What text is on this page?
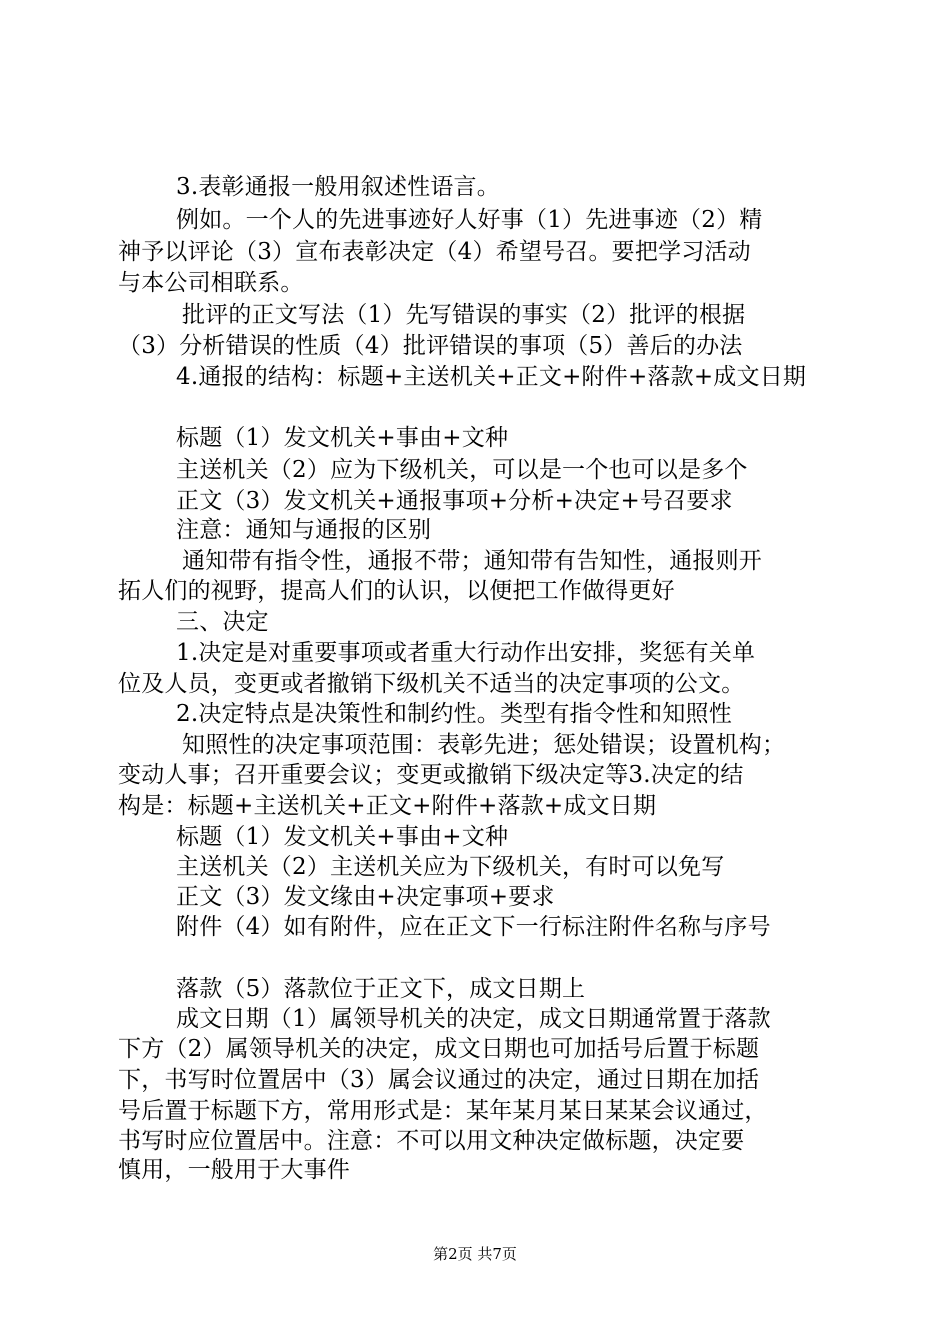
3.表彰通报一般用叙述性语言。
例如。一个人的先进事迹好人好事（1）先进事迹（2）精
神予以评论（3）宣布表彰决定（4）希望号召。要把学习活动
与本公司相联系。
批评的正文写法（1）先写错误的事实（2）批评的根据
（3）分析错误的性质（4）批评错误的事项（5）善后的办法
4.通报的结构：标题+主送机关+正文+附件+落款+成文日期
标题（1）发文机关+事由+文种
主送机关（2）应为下级机关，可以是一个也可以是多个
正文（3）发文机关+通报事项+分析+决定+号召要求
注意：通知与通报的区别
通知带有指令性，通报不带；通知带有告知性，通报则开
拓人们的视野，提高人们的认识，以便把工作做得更好
三、决定
1.决定是对重要事项或者重大行动作出安排，奖惩有关单
位及人员，变更或者撤销下级机关不适当的决定事项的公文。
2.决定特点是决策性和制约性。类型有指令性和知照性
知照性的决定事项范围：表彰先进；惩处错误；设置机构；
变动人事；召开重要会议；变更或撤销下级决定等3.决定的结
构是：标题+主送机关+正文+附件+落款+成文日期
标题（1）发文机关+事由+文种
主送机关（2）主送机关应为下级机关，有时可以免写
正文（3）发文缘由+决定事项+要求
附件（4）如有附件，应在正文下一行标注附件名称与序号
落款（5）落款位于正文下，成文日期上
成文日期（1）属领导机关的决定，成文日期通常置于落款
下方（2）属领导机关的决定，成文日期也可加括号后置于标题
下，书写时位置居中（3）属会议通过的决定，通过日期在加括
号后置于标题下方，常用形式是：某年某月某日某某会议通过，
书写时应位置居中。注意：不可以用文种决定做标题，决定要
慎用，一般用于大事件
第2页 共7页
